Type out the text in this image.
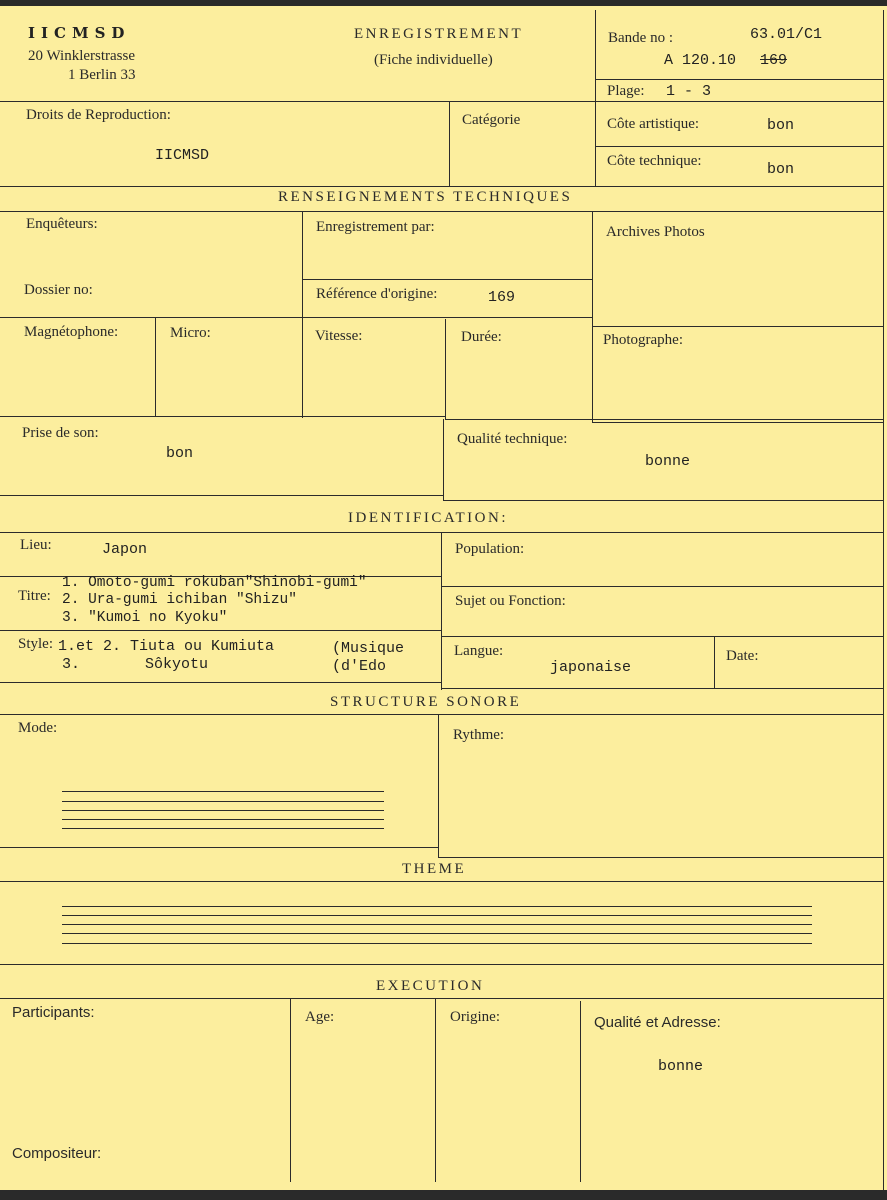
IICMSD
20 Winklerstrasse
1 Berlin 33
ENREGISTREMENT
(Fiche individuelle)
Bande no :	63.01/C1
A 120.10 169
Plage: 1 - 3
Droits de Reproduction:
IICMSD
Catégorie	Côte artistique:	bon
Côte technique:	bon
RENSEIGNEMENTS TECHNIQUES
Enquêteurs:	Enregistrement par:	Archives Photos
Dossier no:	Référence d'origine:	169
Magnétophone:	Micro:	Vitesse:	Durée:	Photographe:
Prise de son:
bon
Qualité technique:
bonne
IDENTIFICATION:
Lieu:	Japon	Population:
Titre:
1. Omoto-gumi rokuban"Shinobi-gumi"
2. Ura-gumi ichiban "Shizu"
3. "Kumoi no Kyoku"
Sujet ou Fonction:
Style: 1.et 2. Tiuta ou Kumiuta
3.	Sôkyotu
(Musique
(d'Edo
Langue:
japonaise
Date:
STRUCTURE SONORE
Mode:	Rythme:
THEME
EXECUTION
Participants:	Age:	Origine:	Qualité et Adresse:
bonne
Compositeur:
